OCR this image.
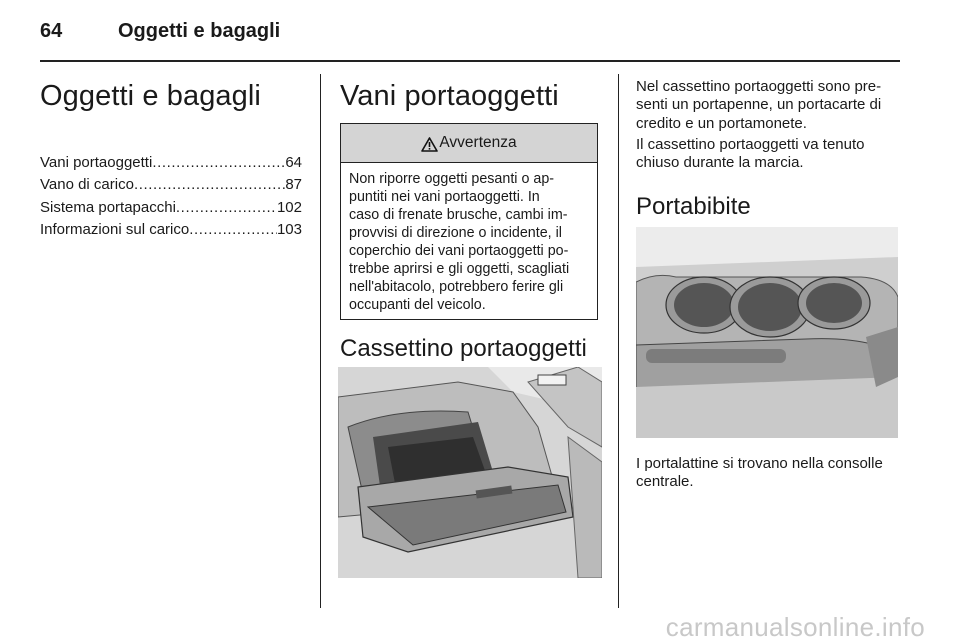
64	Oggetti e bagagli
Oggetti e bagagli
Vani portaoggetti .....	64
Vano di carico .....	87
Sistema portapacchi .....	102
Informazioni sul carico .....	103
Vani portaoggetti
Avvertenza
Non riporre oggetti pesanti o ap-
puntiti nei vani portaoggetti. In
caso di frenate brusche, cambi im-
provvisi di direzione o incidente, il
coperchio dei vani portaoggetti po-
trebbe aprirsi e gli oggetti, scagliati
nell'abitacolo, potrebbero ferire gli
occupanti del veicolo.
Cassettino portaoggetti
Nel cassettino portaoggetti sono pre-
senti un portapenne, un portacarte di
credito e un portamonete.
Il cassettino portaoggetti va tenuto
chiuso durante la marcia.
Portabibite
I portalattine si trovano nella consolle
centrale.
carmanualsonline.info
